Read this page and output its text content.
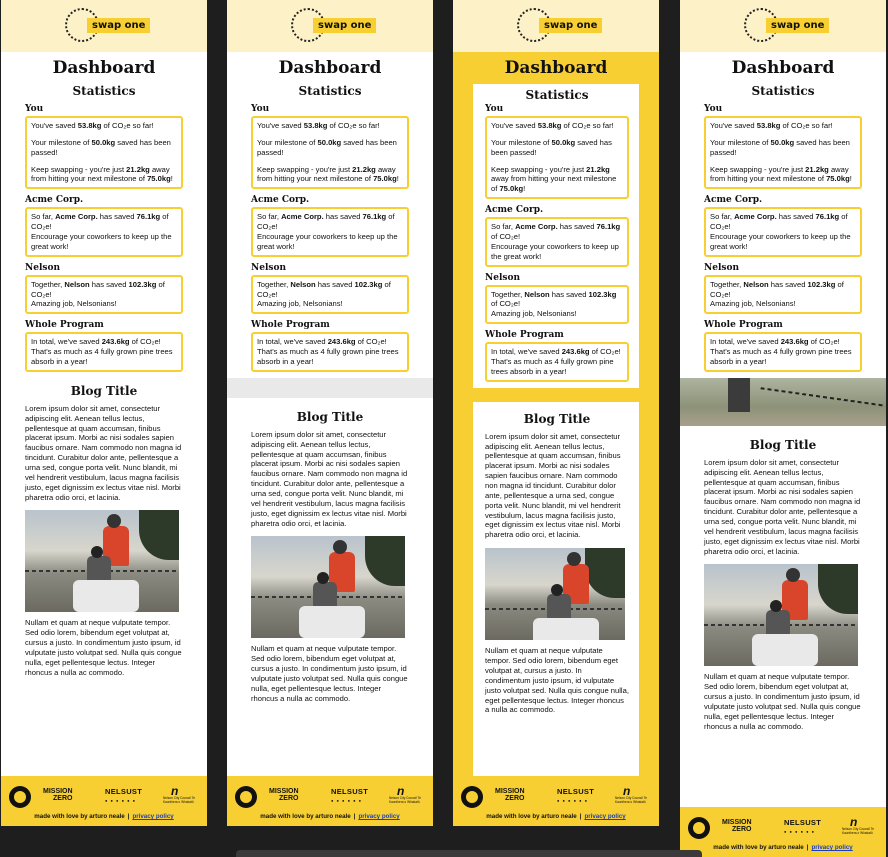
swap one
Dashboard
Statistics
You

You've saved 53.8kg of CO₂e so far!

Your milestone of 50.0kg saved has been passed!

Keep swapping - you're just 21.2kg away from hitting your next milestone of 75.0kg!

Acme Corp.
So far, Acme Corp. has saved 76.1kg of CO₂e!
Encourage your coworkers to keep up the great work!
Nelson
Together, Nelson has saved 102.3kg of CO₂e!
Amazing job, Nelsonians!
Whole Program
In total, we've saved 243.6kg of CO₂e!
That's as much as 4 fully grown pine trees absorb in a year!
Blog Title
Lorem ipsum dolor sit amet, consectetur adipiscing elit. Aenean tellus lectus, pellentesque at quam accumsan, finibus placerat ipsum. Morbi ac nisi sodales sapien faucibus ornare. Nam commodo non magna id tincidunt. Curabitur dolor ante, pellentesque a urna sed, congue porta velit. Nunc blandit, mi vel hendrerit vestibulum, lacus magna facilisis justo, eget dignissim ex lectus vitae nisl. Morbi pharetra odio orci, et lacinia.
Nullam et quam at neque vulputate tempor. Sed odio lorem, bibendum eget volutpat at, cursus a justo. In condimentum justo ipsum, id vulputate justo volutpat sed. Nulla quis congue nulla, eget pellentesque lectus. Integer rhoncus a nulla ac commodo.
MISSION
ZERO
NELSUST
● ● ● ● ● ●
n
Nelson City Council Te Kaunihera o Whakatū
made with love by arturo neale | privacy policy
swap one
Dashboard
Statistics
You

You've saved 53.8kg of CO₂e so far!

Your milestone of 50.0kg saved has been passed!

Keep swapping - you're just 21.2kg away from hitting your next milestone of 75.0kg!

Acme Corp.
So far, Acme Corp. has saved 76.1kg of CO₂e!
Encourage your coworkers to keep up the great work!
Nelson
Together, Nelson has saved 102.3kg of CO₂e!
Amazing job, Nelsonians!
Whole Program
In total, we've saved 243.6kg of CO₂e!
That's as much as 4 fully grown pine trees absorb in a year!
Blog Title
Lorem ipsum dolor sit amet, consectetur adipiscing elit. Aenean tellus lectus, pellentesque at quam accumsan, finibus placerat ipsum. Morbi ac nisi sodales sapien faucibus ornare. Nam commodo non magna id tincidunt. Curabitur dolor ante, pellentesque a urna sed, congue porta velit. Nunc blandit, mi vel hendrerit vestibulum, lacus magna facilisis justo, eget dignissim ex lectus vitae nisl. Morbi pharetra odio orci, et lacinia.
Nullam et quam at neque vulputate tempor. Sed odio lorem, bibendum eget volutpat at, cursus a justo. In condimentum justo ipsum, id vulputate justo volutpat sed. Nulla quis congue nulla, eget pellentesque lectus. Integer rhoncus a nulla ac commodo.
MISSION
ZERO
NELSUST
● ● ● ● ● ●
n
Nelson City Council Te Kaunihera o Whakatū
made with love by arturo neale | privacy policy
swap one
Dashboard
Statistics
You

You've saved 53.8kg of CO₂e so far!

Your milestone of 50.0kg saved has been passed!

Keep swapping - you're just 21.2kg away from hitting your next milestone of 75.0kg!

Acme Corp.
So far, Acme Corp. has saved 76.1kg of CO₂e!
Encourage your coworkers to keep up the great work!
Nelson
Together, Nelson has saved 102.3kg of CO₂e!
Amazing job, Nelsonians!
Whole Program
In total, we've saved 243.6kg of CO₂e!
That's as much as 4 fully grown pine trees absorb in a year!
Blog Title
Lorem ipsum dolor sit amet, consectetur adipiscing elit. Aenean tellus lectus, pellentesque at quam accumsan, finibus placerat ipsum. Morbi ac nisi sodales sapien faucibus ornare. Nam commodo non magna id tincidunt. Curabitur dolor ante, pellentesque a urna sed, congue porta velit. Nunc blandit, mi vel hendrerit vestibulum, lacus magna facilisis justo, eget dignissim ex lectus vitae nisl. Morbi pharetra odio orci, et lacinia.
Nullam et quam at neque vulputate tempor. Sed odio lorem, bibendum eget volutpat at, cursus a justo. In condimentum justo ipsum, id vulputate justo volutpat sed. Nulla quis congue nulla, eget pellentesque lectus. Integer rhoncus a nulla ac commodo.
MISSION
ZERO
NELSUST
● ● ● ● ● ●
n
Nelson City Council Te Kaunihera o Whakatū
made with love by arturo neale | privacy policy
swap one
Dashboard
Statistics
You

You've saved 53.8kg of CO₂e so far!

Your milestone of 50.0kg saved has been passed!

Keep swapping - you're just 21.2kg away from hitting your next milestone of 75.0kg!

Acme Corp.
So far, Acme Corp. has saved 76.1kg of CO₂e!
Encourage your coworkers to keep up the great work!
Nelson
Together, Nelson has saved 102.3kg of CO₂e!
Amazing job, Nelsonians!
Whole Program
In total, we've saved 243.6kg of CO₂e!
That's as much as 4 fully grown pine trees absorb in a year!
Blog Title
Lorem ipsum dolor sit amet, consectetur adipiscing elit. Aenean tellus lectus, pellentesque at quam accumsan, finibus placerat ipsum. Morbi ac nisi sodales sapien faucibus ornare. Nam commodo non magna id tincidunt. Curabitur dolor ante, pellentesque a urna sed, congue porta velit. Nunc blandit, mi vel hendrerit vestibulum, lacus magna facilisis justo, eget dignissim ex lectus vitae nisl. Morbi pharetra odio orci, et lacinia.
Nullam et quam at neque vulputate tempor. Sed odio lorem, bibendum eget volutpat at, cursus a justo. In condimentum justo ipsum, id vulputate justo volutpat sed. Nulla quis congue nulla, eget pellentesque lectus. Integer rhoncus a nulla ac commodo.
MISSION
ZERO
NELSUST
● ● ● ● ● ●
n
Nelson City Council Te Kaunihera o Whakatū
made with love by arturo neale | privacy policy
